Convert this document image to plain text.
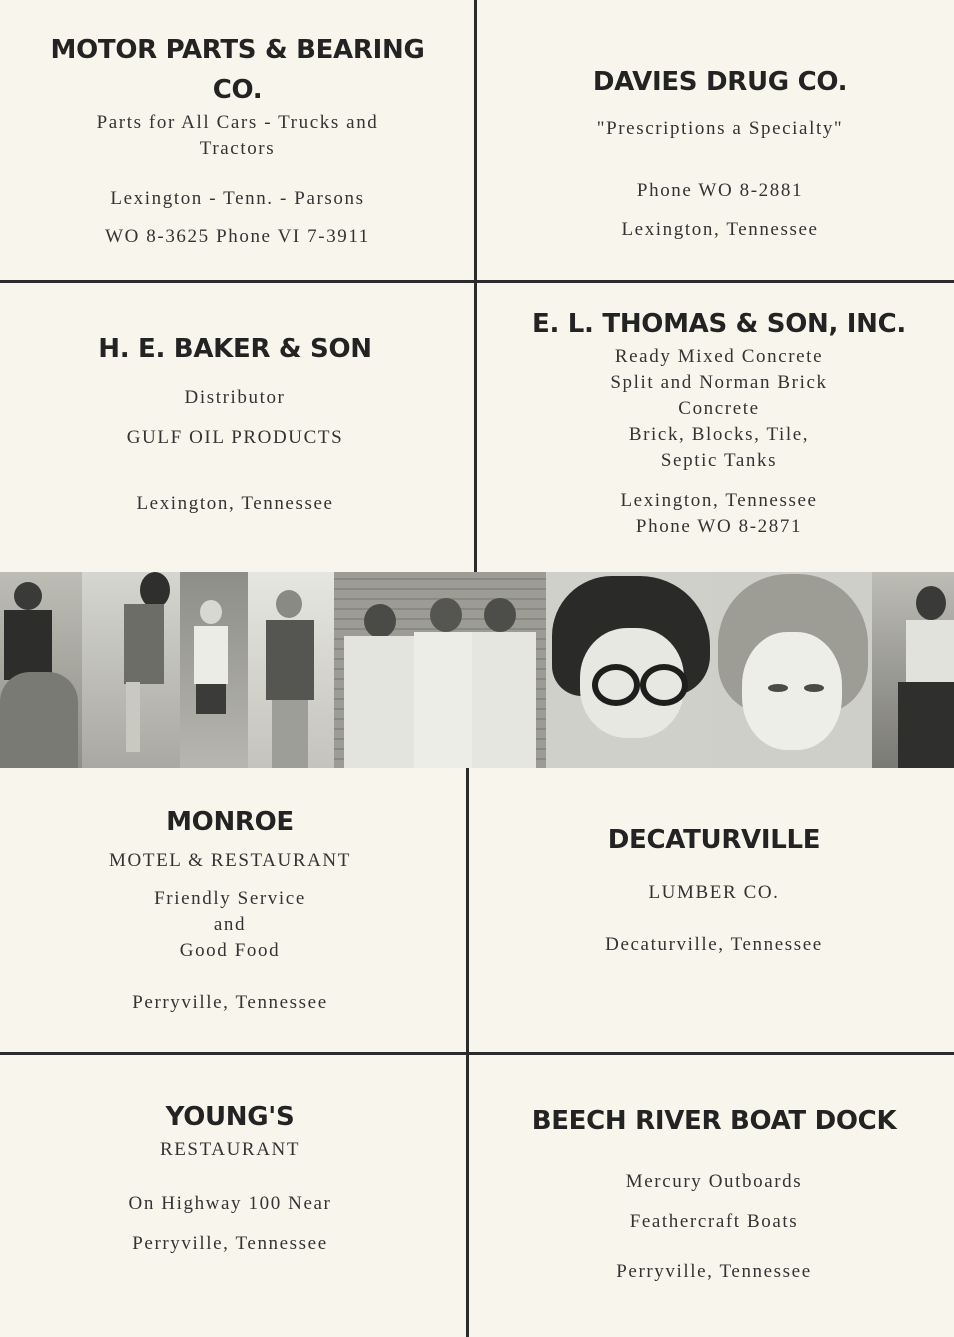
MOTOR PARTS & BEARING CO.
Parts for All Cars - Trucks and Tractors
Lexington - Tenn. - Parsons
WO 8-3625 Phone VI 7-3911
DAVIES DRUG CO.
"Prescriptions a Specialty"
Phone WO 8-2881
Lexington, Tennessee
H. E. BAKER & SON
Distributor
GULF OIL PRODUCTS
Lexington, Tennessee
E. L. THOMAS & SON, INC.
Ready Mixed Concrete
Split and Norman Brick
Concrete
Brick, Blocks, Tile,
Septic Tanks
Lexington, Tennessee
Phone WO 8-2871
MONROE
MOTEL & RESTAURANT
Friendly Service
and
Good Food
Perryville, Tennessee
DECATURVILLE
LUMBER CO.
Decaturville, Tennessee
YOUNG'S
RESTAURANT
On Highway 100 Near
Perryville, Tennessee
BEECH RIVER BOAT DOCK
Mercury Outboards
Feathercraft Boats
Perryville, Tennessee
